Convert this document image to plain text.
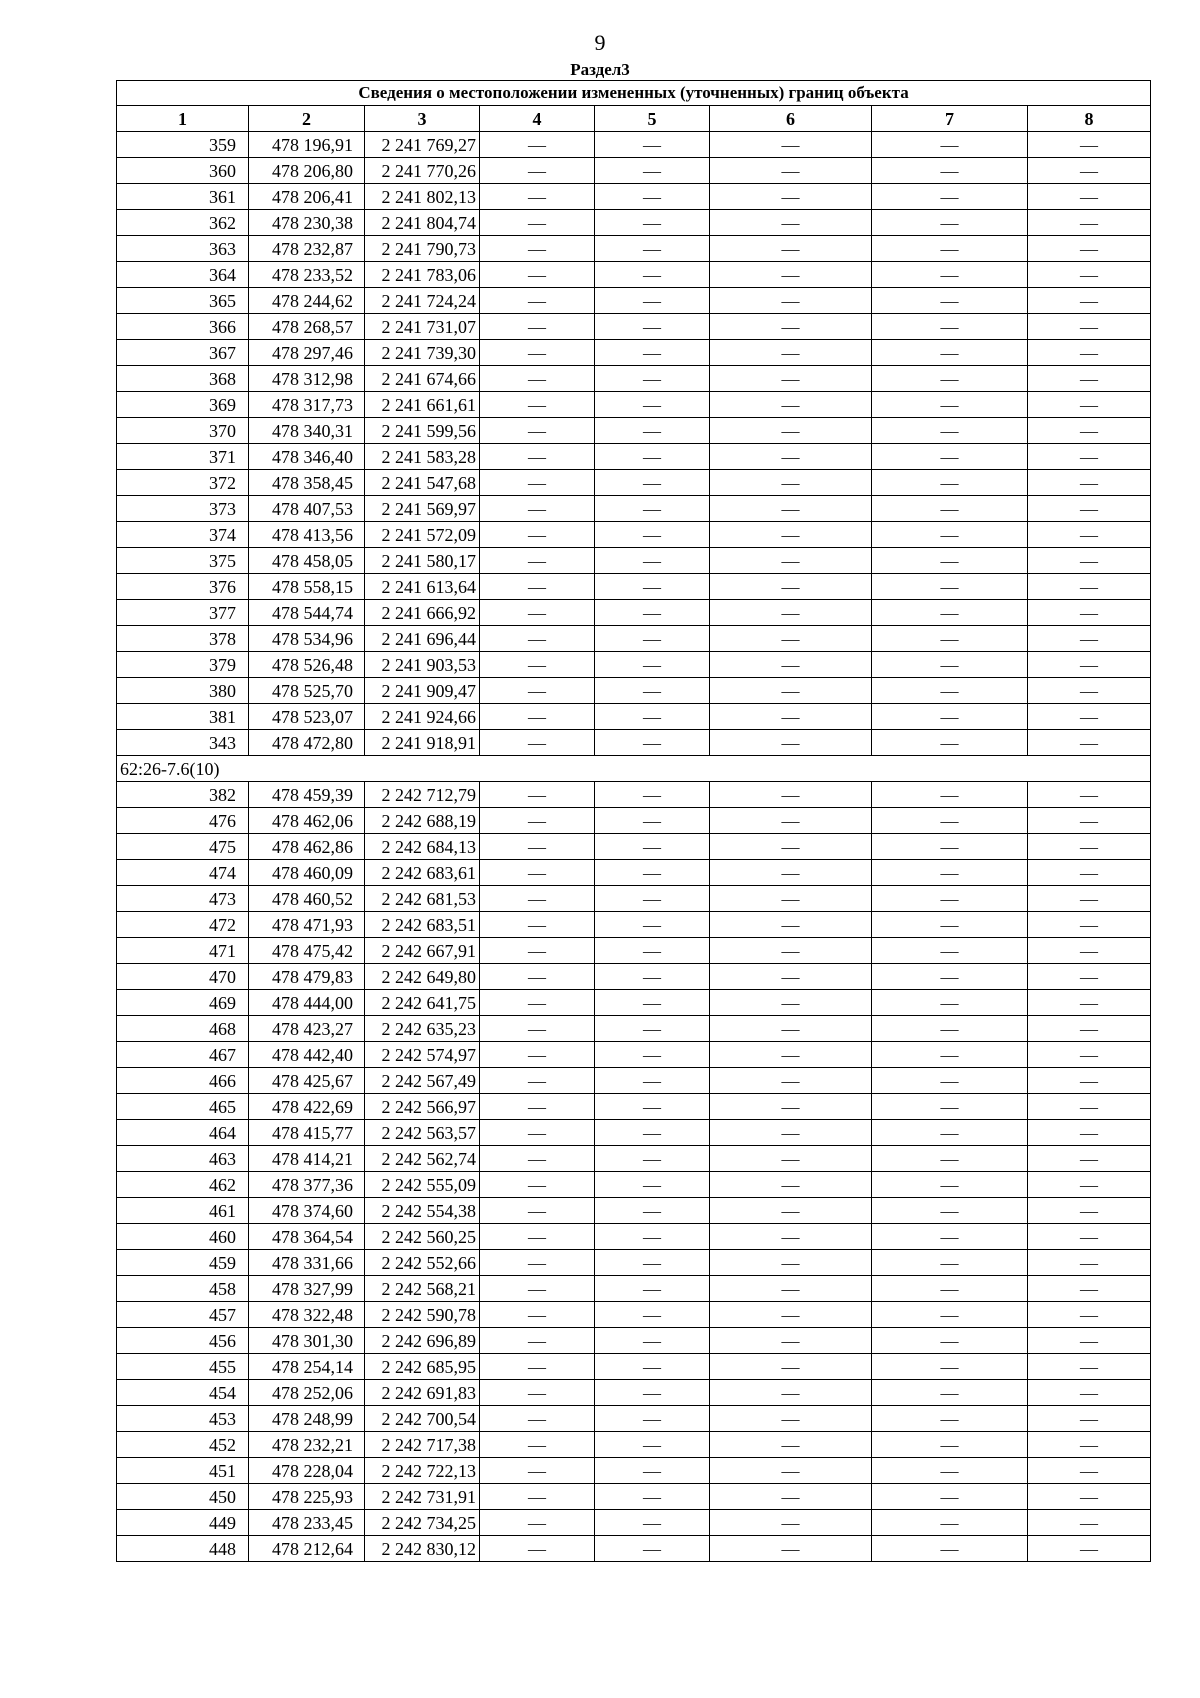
9
Раздел3
Сведения о местоположении измененных (уточненных) границ объекта							
1	2	3	4	5	6	7	8
359	478 196,91	2 241 769,27	—	—	—	—	—
360	478 206,80	2 241 770,26	—	—	—	—	—
361	478 206,41	2 241 802,13	—	—	—	—	—
362	478 230,38	2 241 804,74	—	—	—	—	—
363	478 232,87	2 241 790,73	—	—	—	—	—
364	478 233,52	2 241 783,06	—	—	—	—	—
365	478 244,62	2 241 724,24	—	—	—	—	—
366	478 268,57	2 241 731,07	—	—	—	—	—
367	478 297,46	2 241 739,30	—	—	—	—	—
368	478 312,98	2 241 674,66	—	—	—	—	—
369	478 317,73	2 241 661,61	—	—	—	—	—
370	478 340,31	2 241 599,56	—	—	—	—	—
371	478 346,40	2 241 583,28	—	—	—	—	—
372	478 358,45	2 241 547,68	—	—	—	—	—
373	478 407,53	2 241 569,97	—	—	—	—	—
374	478 413,56	2 241 572,09	—	—	—	—	—
375	478 458,05	2 241 580,17	—	—	—	—	—
376	478 558,15	2 241 613,64	—	—	—	—	—
377	478 544,74	2 241 666,92	—	—	—	—	—
378	478 534,96	2 241 696,44	—	—	—	—	—
379	478 526,48	2 241 903,53	—	—	—	—	—
380	478 525,70	2 241 909,47	—	—	—	—	—
381	478 523,07	2 241 924,66	—	—	—	—	—
343	478 472,80	2 241 918,91	—	—	—	—	—
62:26-7.6(10)							
382	478 459,39	2 242 712,79	—	—	—	—	—
476	478 462,06	2 242 688,19	—	—	—	—	—
475	478 462,86	2 242 684,13	—	—	—	—	—
474	478 460,09	2 242 683,61	—	—	—	—	—
473	478 460,52	2 242 681,53	—	—	—	—	—
472	478 471,93	2 242 683,51	—	—	—	—	—
471	478 475,42	2 242 667,91	—	—	—	—	—
470	478 479,83	2 242 649,80	—	—	—	—	—
469	478 444,00	2 242 641,75	—	—	—	—	—
468	478 423,27	2 242 635,23	—	—	—	—	—
467	478 442,40	2 242 574,97	—	—	—	—	—
466	478 425,67	2 242 567,49	—	—	—	—	—
465	478 422,69	2 242 566,97	—	—	—	—	—
464	478 415,77	2 242 563,57	—	—	—	—	—
463	478 414,21	2 242 562,74	—	—	—	—	—
462	478 377,36	2 242 555,09	—	—	—	—	—
461	478 374,60	2 242 554,38	—	—	—	—	—
460	478 364,54	2 242 560,25	—	—	—	—	—
459	478 331,66	2 242 552,66	—	—	—	—	—
458	478 327,99	2 242 568,21	—	—	—	—	—
457	478 322,48	2 242 590,78	—	—	—	—	—
456	478 301,30	2 242 696,89	—	—	—	—	—
455	478 254,14	2 242 685,95	—	—	—	—	—
454	478 252,06	2 242 691,83	—	—	—	—	—
453	478 248,99	2 242 700,54	—	—	—	—	—
452	478 232,21	2 242 717,38	—	—	—	—	—
451	478 228,04	2 242 722,13	—	—	—	—	—
450	478 225,93	2 242 731,91	—	—	—	—	—
449	478 233,45	2 242 734,25	—	—	—	—	—
448	478 212,64	2 242 830,12	—	—	—	—	—
